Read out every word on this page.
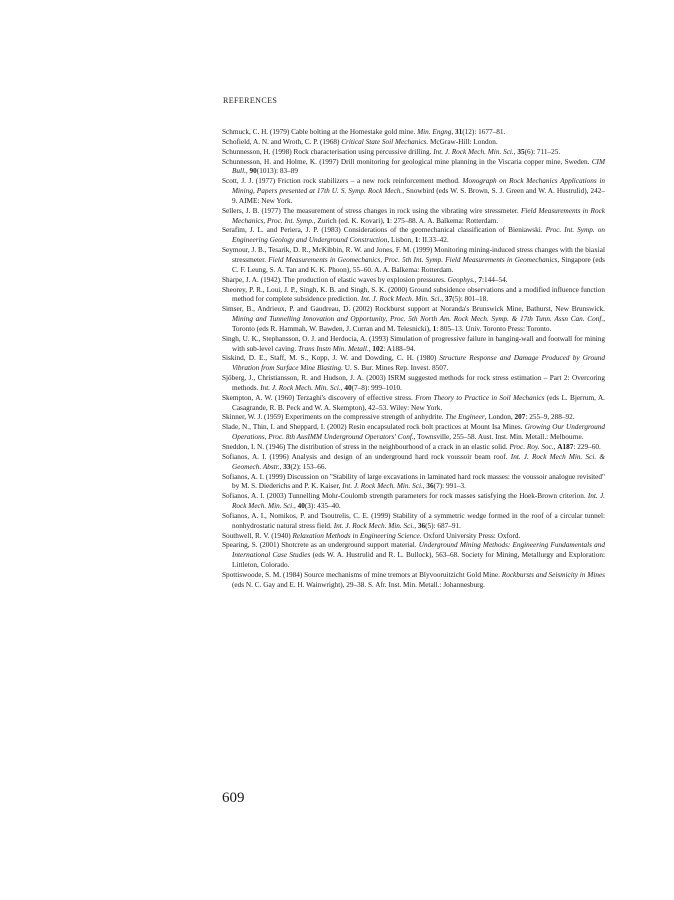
REFERENCES

Schmuck, C. H. (1979) Cable bolting at the Homestake gold mine. Min. Engng, 31(12): 1677–81.

Schofield, A. N. and Wroth, C. P. (1968) Critical State Soil Mechanics. McGraw-Hill: London.

Schunnesson, H. (1998) Rock characterisation using percussive drilling. Int. J. Rock Mech. Min. Sci., 35(6): 711–25.

Schunnesson, H. and Holme, K. (1997) Drill monitoring for geological mine planning in the Viscaria copper mine, Sweden. CIM Bull., 90(1013): 83–89

Scott, J. J. (1977) Friction rock stabilizers – a new rock reinforcement method. Monograph on Rock Mechanics Applications in Mining, Papers presented at 17th U. S. Symp. Rock Mech., Snowbird (eds W. S. Brown, S. J. Green and W. A. Hustrulid), 242–9. AIME: New York.

Sellers, J. B. (1977) The measurement of stress changes in rock using the vibrating wire stressmeter. Field Measurements in Rock Mechanics, Proc. Int. Symp., Zurich (ed. K. Kovari), 1: 275–88. A. A. Balkema: Rotterdam.

Serafim, J. L. and Periera, J. P. (1983) Considerations of the geomechanical classification of Bieniawski. Proc. Int. Symp. on Engineering Geology and Underground Construction, Lisbon, 1: II.33–42.

Seymour, J. B., Tesarik, D. R., McKibbin, R. W. and Jones, F. M. (1999) Monitoring mining-induced stress changes with the biaxial stressmeter. Field Measurements in Geomechanics, Proc. 5th Int. Symp. Field Measurements in Geomechanics, Singapore (eds C. F. Leung, S. A. Tan and K. K. Phoon), 55–60. A. A. Balkema: Rotterdam.

Sharpe, J. A. (1942). The production of elastic waves by explosion pressures. Geophys., 7:144–54.

Sheorey, P. R., Loui, J. P., Singh, K. B. and Singh, S. K. (2000) Ground subsidence observations and a modified influence function method for complete subsidence prediction. Int. J. Rock Mech. Min. Sci., 37(5): 801–18.

Simser, B., Andrieux, P. and Gaudreau, D. (2002) Rockburst support at Noranda's Brunswick Mine, Bathurst, New Brunswick. Mining and Tunnelling Innovation and Opportunity, Proc. 5th North Am. Rock Mech. Symp. & 17th Tunn. Assn Can. Conf., Toronto (eds R. Hammah, W. Bawden, J. Curran and M. Telesnicki), 1: 805–13. Univ. Toronto Press: Toronto.

Singh, U. K., Stephansson, O. J. and Herdocia, A. (1993) Simulation of progressive failure in hanging-wall and footwall for mining with sub-level caving. Trans Instn Min. Metall., 102: A188–94.

Siskind, D. E., Staff, M. S., Kopp, J. W. and Dowding, C. H. (1980) Structure Response and Damage Produced by Ground Vibration from Surface Mine Blasting. U. S. Bur. Mines Rep. Invest. 8507.

Sjöberg, J., Christiansson, R. and Hudson, J. A. (2003) ISRM suggested methods for rock stress estimation – Part 2: Overcoring methods. Int. J. Rock Mech. Min. Sci., 40(7–8): 999–1010.

Skempton, A. W. (1960) Terzaghi's discovery of effective stress. From Theory to Practice in Soil Mechanics (eds L. Bjerrum, A. Casagrande, R. B. Peck and W. A. Skempton), 42–53. Wiley: New York.

Skinner, W. J. (1959) Experiments on the compressive strength of anhydrite. The Engineer, London, 207: 255–9, 288–92.

Slade, N., Thin, I. and Sheppard, I. (2002) Resin encapsulated rock bolt practices at Mount Isa Mines. Growing Our Underground Operations, Proc. 8th AusIMM Underground Operators' Conf., Townsville, 255–58. Aust. Inst. Min. Metall.: Melbourne.

Sneddon, I. N. (1946) The distribution of stress in the neighbourhood of a crack in an elastic solid. Proc. Roy. Soc., A187: 229–60.

Sofianos, A. I. (1996) Analysis and design of an underground hard rock voussoir beam roof. Int. J. Rock Mech Min. Sci. & Geomech. Abstr., 33(2): 153–66.

Sofianos, A. I. (1999) Discussion on "Stability of large excavations in laminated hard rock masses: the voussoir analogue revisited" by M. S. Diederichs and P. K. Kaiser, Int. J. Rock Mech. Min. Sci., 36(7): 991–3.

Sofianos, A. I. (2003) Tunnelling Mohr-Coulomb strength parameters for rock masses satisfying the Hoek-Brown criterion. Int. J. Rock Mech. Min. Sci., 40(3): 435–40.

Sofianos, A. I., Nomikos, P. and Tsoutrelis, C. E. (1999) Stability of a symmetric wedge formed in the roof of a circular tunnel: nonhydrostatic natural stress field. Int. J. Rock Mech. Min. Sci., 36(5): 687–91.

Southwell, R. V. (1940) Relaxation Methods in Engineering Science. Oxford University Press: Oxford.

Spearing, S. (2001) Shotcrete as an underground support material. Underground Mining Methods: Engineering Fundamentals and International Case Studies (eds W. A. Hustrulid and R. L. Bullock), 563–68. Society for Mining, Metallurgy and Exploration: Littleton, Colorado.

Spottiswoode, S. M. (1984) Source mechanisms of mine tremors at Blyvooruitzicht Gold Mine. Rockbursts and Seismicity in Mines (eds N. C. Gay and E. H. Wainwright), 29–38. S. Afr. Inst. Min. Metall.: Johannesburg.

609
